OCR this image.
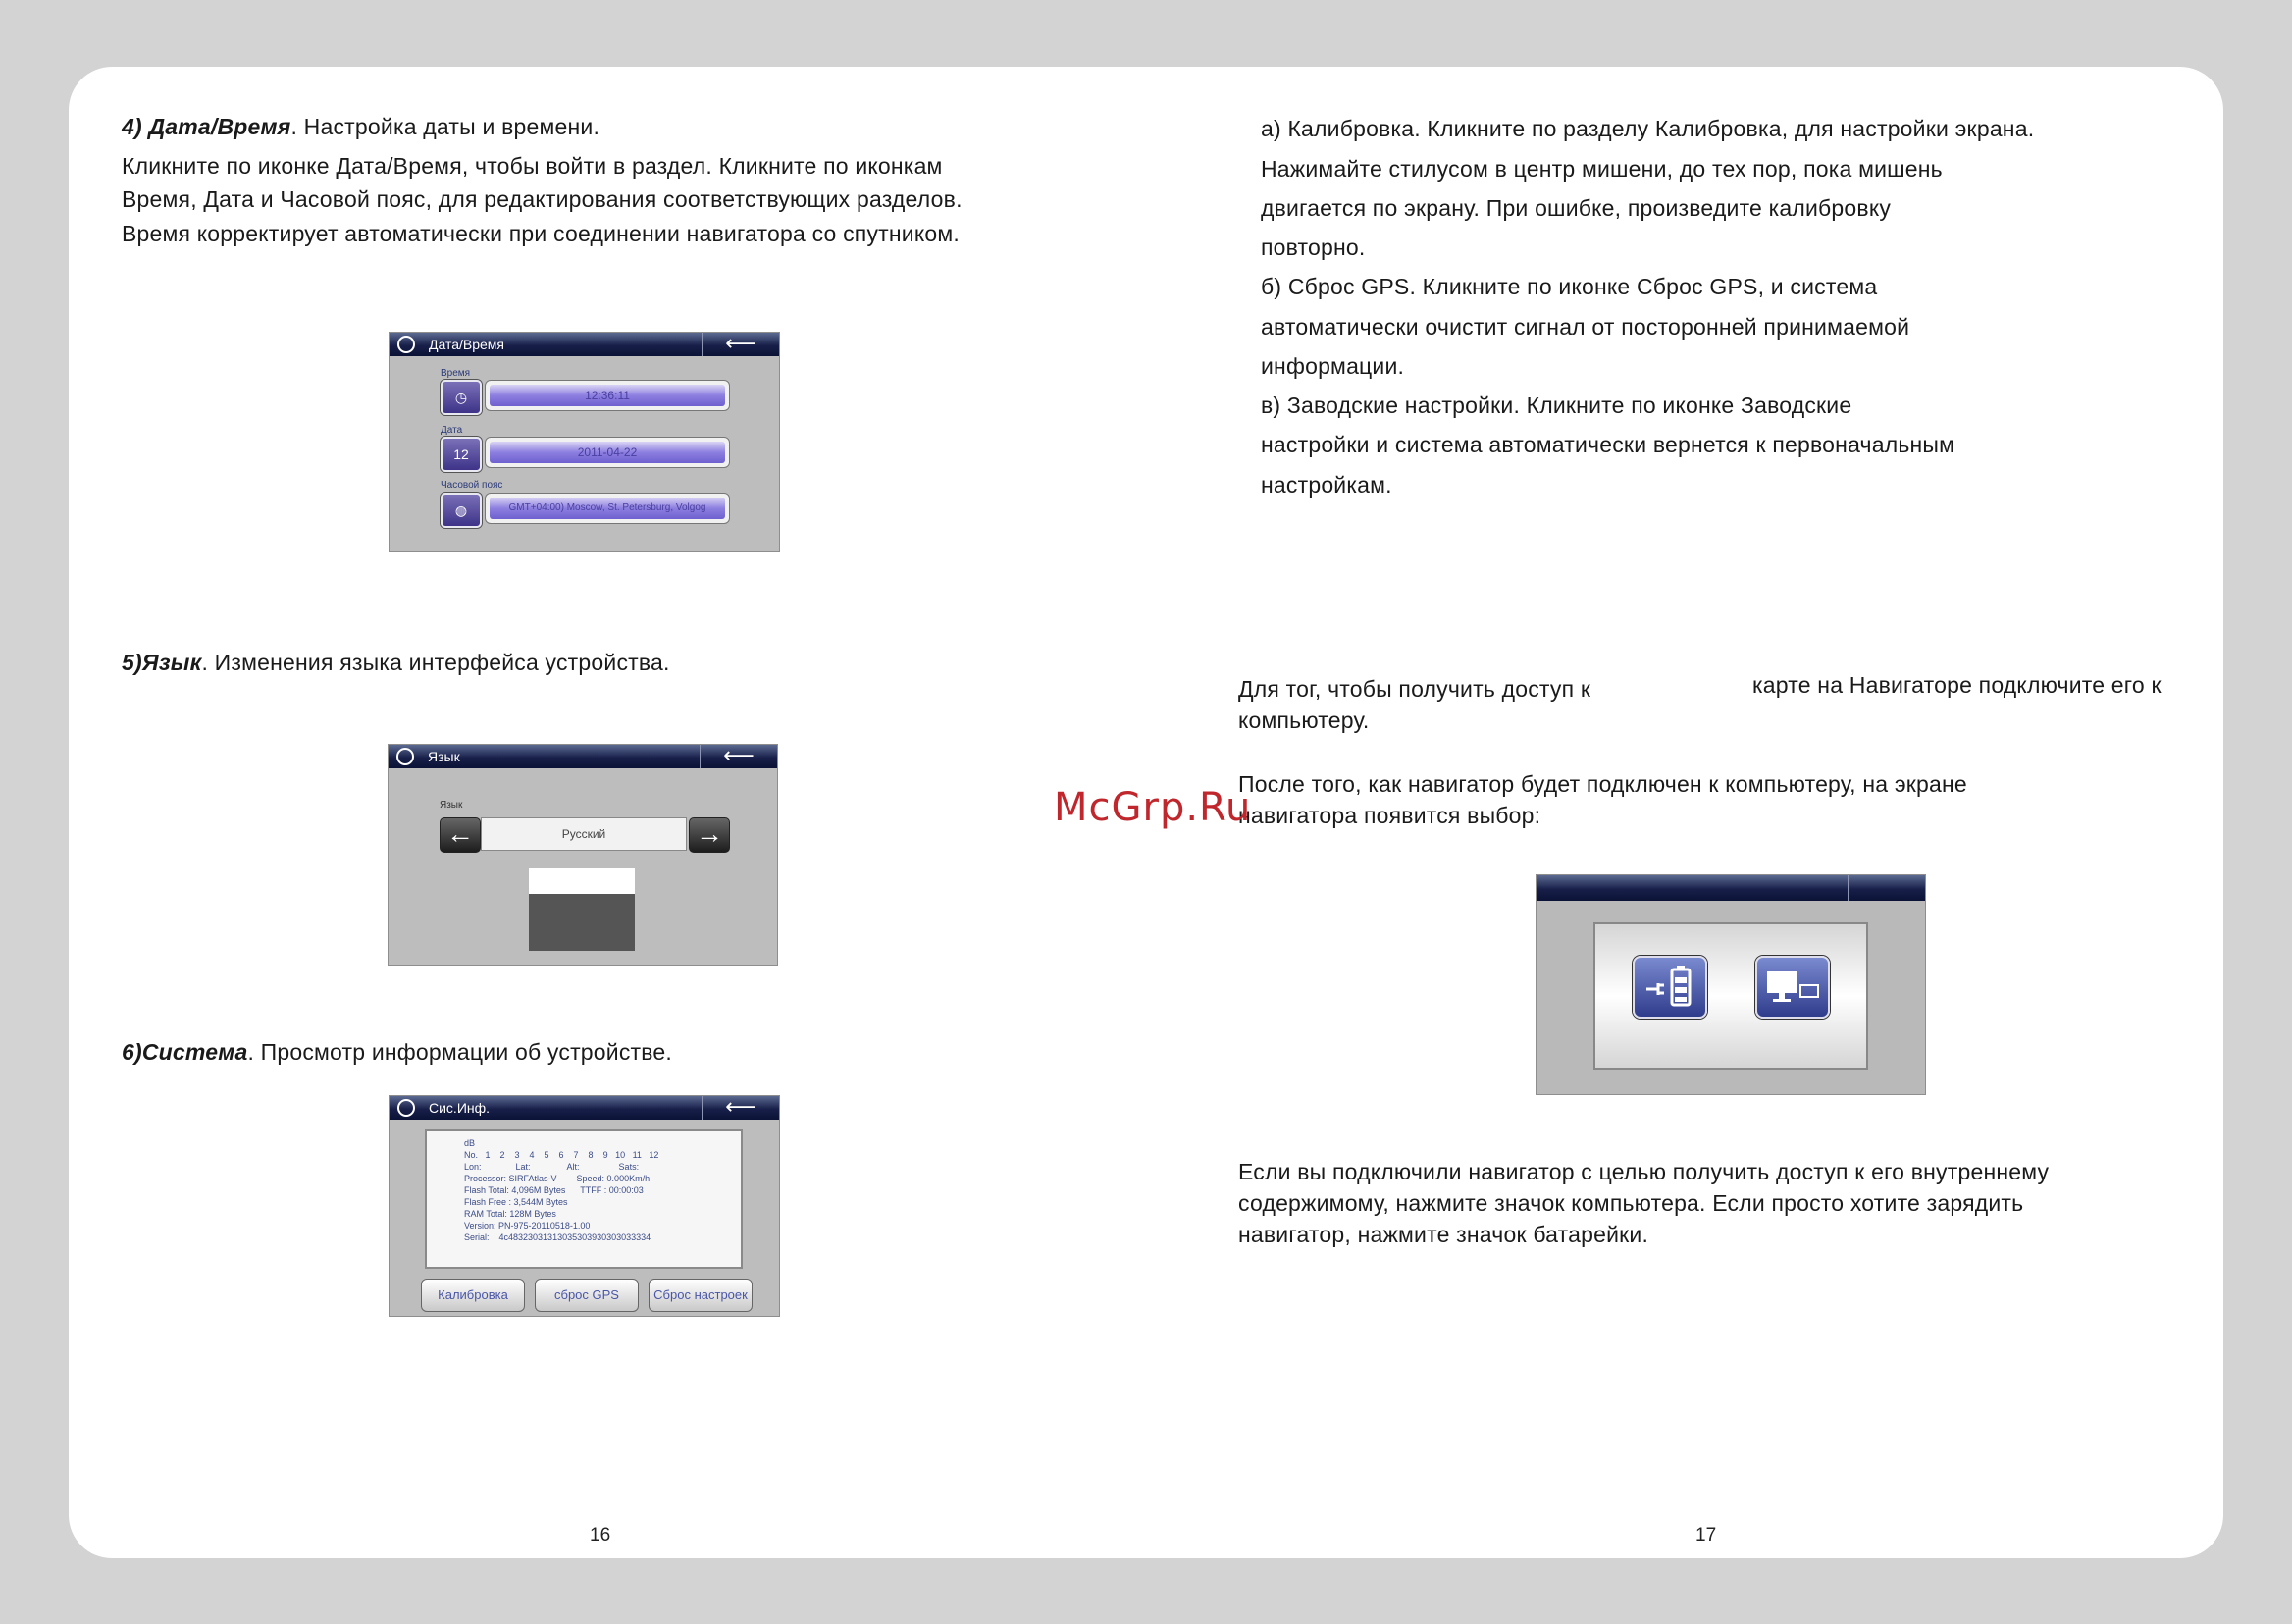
4) Дата/Время. Настройка даты и времени.
Кликните по иконке Дата/Время, чтобы войти в раздел. Кликните по иконкам
Время, Дата и Часовой пояс, для редактирования соответствующих разделов.
Время корректирует автоматически при соединении навигатора со спутником.
Дата/Время	⟵
Время
◷	12:36:11
Дата
12	2011-04-22
Часовой пояс
◍	GMT+04:00) Moscow, St. Petersburg, Volgog
5)Язык. Изменения языка интерфейса устройства.
Язык	⟵
Язык
←	Русский	→
6)Система. Просмотр информации об устройстве.
Сис.Инф.	⟵
dB
No.   1    2    3    4    5    6    7    8    9   10   11   12
Lon:              Lat:               Alt:                Sats:
Processor: SIRFAtlas-V        Speed: 0.000Km/h
Flash Total: 4,096M Bytes      TTFF : 00:00:03
Flash Free : 3,544M Bytes
RAM Total: 128M Bytes
Version: PN-975-20110518-1.00
Serial:    4c48323031313035303930303033334
Калибровка	сброс GPS	Сброс настроек
16
а) Калибровка. Кликните по разделу Калибровка, для настройки экрана.
Нажимайте стилусом в центр мишени, до тех пор, пока мишень
двигается по экрану. При ошибке, произведите калибровку
повторно.
б) Сброс GPS. Кликните по иконке Сброс GPS, и система
автоматически очистит сигнал от посторонней принимаемой
информации.
в) Заводские настройки. Кликните по иконке Заводские
настройки и система автоматически вернется к первоначальным
настройкам.
Для тог, чтобы получить доступ к	карте на Навигаторе подключите его к
компьютеру.
После того, как навигатор будет подключен к компьютеру, на экране
навигатора появится выбор:
Если вы подключили навигатор с целью получить доступ к его внутреннему
содержимому, нажмите значок компьютера. Если просто хотите зарядить
навигатор, нажмите значок батарейки.
17
McGrp.Ru
